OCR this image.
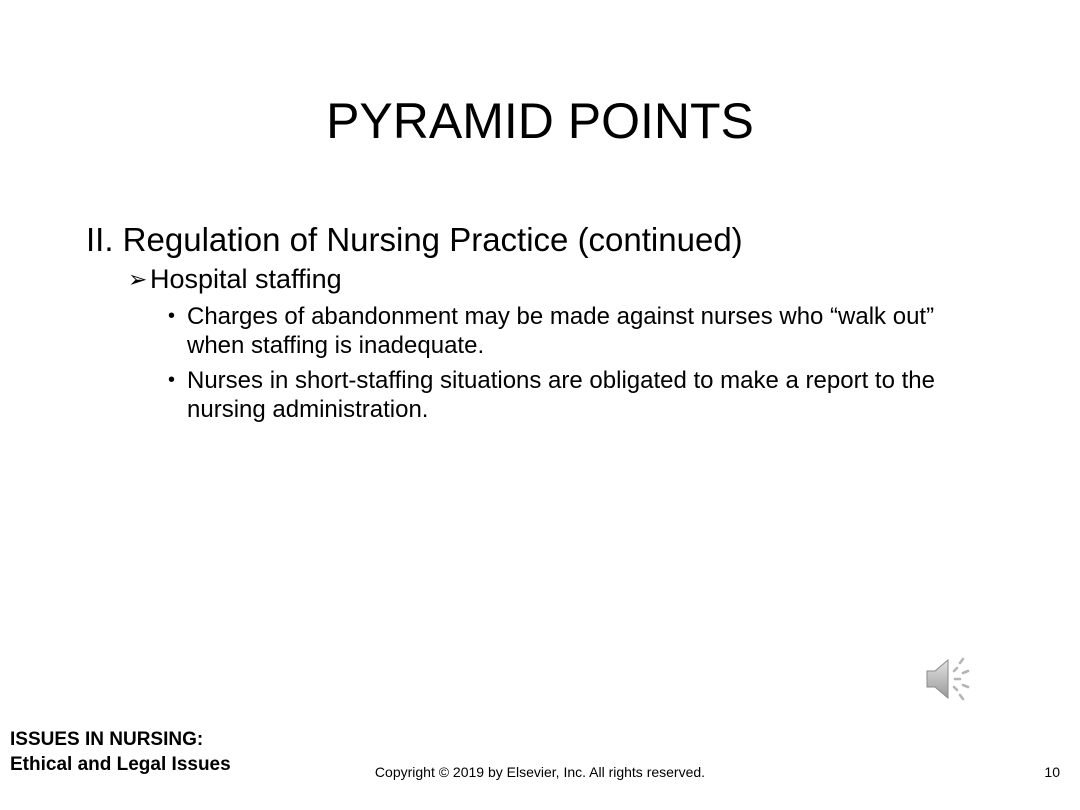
PYRAMID POINTS

II. Regulation of Nursing Practice (continued)

➢ Hospital staffing
• Charges of abandonment may be made against nurses who “walk out” when staffing is inadequate.
• Nurses in short-staffing situations are obligated to make a report to the nursing administration.
ISSUES IN NURSING:
Ethical and Legal Issues	Copyright © 2019 by Elsevier, Inc. All rights reserved.	10
